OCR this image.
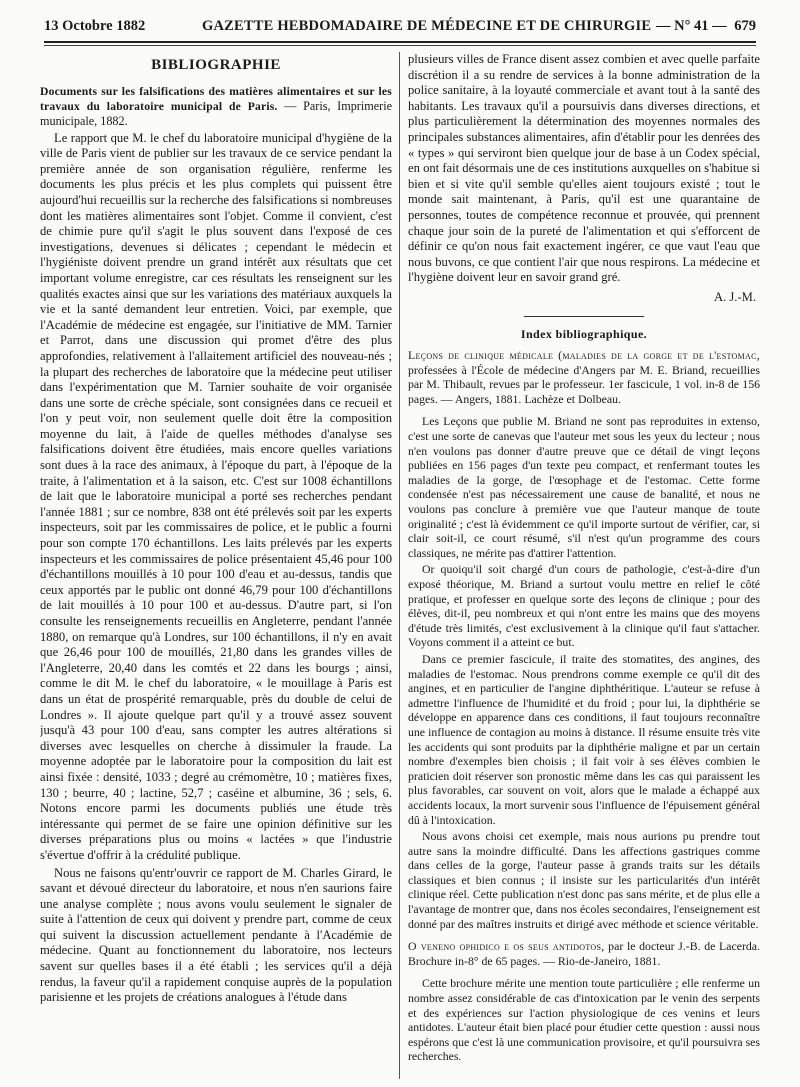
13 Octobre 1882	GAZETTE HEBDOMADAIRE DE MÉDECINE ET DE CHIRURGIE — N° 41 — 679
BIBLIOGRAPHIE

Documents sur les falsifications des matières alimentaires et sur les travaux du laboratoire municipal de Paris. — Paris, Imprimerie municipale, 1882.

Le rapport que M. le chef du laboratoire municipal d'hygiène de la ville de Paris vient de publier sur les travaux de ce service pendant la première année de son organisation régulière, renferme les documents les plus précis et les plus complets qui puissent être aujourd'hui recueillis sur la recherche des falsifications si nombreuses dont les matières alimentaires sont l'objet. Comme il convient, c'est de chimie pure qu'il s'agit le plus souvent dans l'exposé de ces investigations, devenues si délicates ; cependant le médecin et l'hygiéniste doivent prendre un grand intérêt aux résultats que cet important volume enregistre, car ces résultats les renseignent sur les qualités exactes ainsi que sur les variations des matériaux auxquels la vie et la santé demandent leur entretien. Voici, par exemple, que l'Académie de médecine est engagée, sur l'initiative de MM. Tarnier et Parrot, dans une discussion qui promet d'être des plus approfondies, relativement à l'allaitement artificiel des nouveau-nés ; la plupart des recherches de laboratoire que la médecine peut utiliser dans l'expérimentation que M. Tarnier souhaite de voir organisée dans une sorte de crèche spéciale, sont consignées dans ce recueil et l'on y peut voir, non seulement quelle doit être la composition moyenne du lait, à l'aide de quelles méthodes d'analyse ses falsifications doivent être étudiées, mais encore quelles variations sont dues à la race des animaux, à l'époque du part, à l'époque de la traite, à l'alimentation et à la saison, etc. C'est sur 1008 échantillons de lait que le laboratoire municipal a porté ses recherches pendant l'année 1881 ; sur ce nombre, 838 ont été prélevés soit par les experts inspecteurs, soit par les commissaires de police, et le public a fourni pour son compte 170 échantillons. Les laits prélevés par les experts inspecteurs et les commissaires de police présentaient 45,46 pour 100 d'échantillons mouillés à 10 pour 100 d'eau et au-dessus, tandis que ceux apportés par le public ont donné 46,79 pour 100 d'échantillons de lait mouillés à 10 pour 100 et au-dessus. D'autre part, si l'on consulte les renseignements recueillis en Angleterre, pendant l'année 1880, on remarque qu'à Londres, sur 100 échantillons, il n'y en avait que 26,46 pour 100 de mouillés, 21,80 dans les grandes villes de l'Angleterre, 20,40 dans les comtés et 22 dans les bourgs ; ainsi, comme le dit M. le chef du laboratoire, « le mouillage à Paris est dans un état de prospérité remarquable, près du double de celui de Londres ». Il ajoute quelque part qu'il y a trouvé assez souvent jusqu'à 43 pour 100 d'eau, sans compter les autres altérations si diverses avec lesquelles on cherche à dissimuler la fraude. La moyenne adoptée par le laboratoire pour la composition du lait est ainsi fixée : densité, 1033 ; degré au crémomètre, 10 ; matières fixes, 130 ; beurre, 40 ; lactine, 52,7 ; caséine et albumine, 36 ; sels, 6. Notons encore parmi les documents publiés une étude très intéressante qui permet de se faire une opinion définitive sur les diverses préparations plus ou moins « lactées » que l'industrie s'évertue d'offrir à la crédulité publique.

Nous ne faisons qu'entr'ouvrir ce rapport de M. Charles Girard, le savant et dévoué directeur du laboratoire, et nous n'en saurions faire une analyse complète ; nous avons voulu seulement le signaler de suite à l'attention de ceux qui doivent y prendre part, comme de ceux qui suivent la discussion actuellement pendante à l'Académie de médecine. Quant au fonctionnement du laboratoire, nos lecteurs savent sur quelles bases il a été établi ; les services qu'il a déjà rendus, la faveur qu'il a rapidement conquise auprès de la population parisienne et les projets de créations analogues à l'étude dans

plusieurs villes de France disent assez combien et avec quelle parfaite discrétion il a su rendre de services à la bonne administration de la police sanitaire, à la loyauté commerciale et avant tout à la santé des habitants. Les travaux qu'il a poursuivis dans diverses directions, et plus particulièrement la détermination des moyennes normales des principales substances alimentaires, afin d'établir pour les denrées des « types » qui serviront bien quelque jour de base à un Codex spécial, en ont fait désormais une de ces institutions auxquelles on s'habitue si bien et si vite qu'il semble qu'elles aient toujours existé ; tout le monde sait maintenant, à Paris, qu'il est une quarantaine de personnes, toutes de compétence reconnue et prouvée, qui prennent chaque jour soin de la pureté de l'alimentation et qui s'efforcent de définir ce qu'on nous fait exactement ingérer, ce que vaut l'eau que nous buvons, ce que contient l'air que nous respirons. La médecine et l'hygiène doivent leur en savoir grand gré.

A. J.-M.
Index bibliographique.

Leçons de clinique médicale (maladies de la gorge et de l'estomac, professées à l'École de médecine d'Angers par M. E. Briand, recueillies par M. Thibault, revues par le professeur. 1er fascicule, 1 vol. in-8 de 156 pages. — Angers, 1881. Lachèze et Dolbeau.

Les Leçons que publie M. Briand ne sont pas reproduites in extenso, c'est une sorte de canevas que l'auteur met sous les yeux du lecteur ; nous n'en voulons pas donner d'autre preuve que ce détail de vingt leçons publiées en 156 pages d'un texte peu compact, et renfermant toutes les maladies de la gorge, de l'œsophage et de l'estomac. Cette forme condensée n'est pas nécessairement une cause de banalité, et nous ne voulons pas conclure à première vue que l'auteur manque de toute originalité ; c'est là évidemment ce qu'il importe surtout de vérifier, car, si clair soit-il, ce court résumé, s'il n'est qu'un programme des cours classiques, ne mérite pas d'attirer l'attention.

Or quoiqu'il soit chargé d'un cours de pathologie, c'est-à-dire d'un exposé théorique, M. Briand a surtout voulu mettre en relief le côté pratique, et professer en quelque sorte des leçons de clinique ; pour des élèves, dit-il, peu nombreux et qui n'ont entre les mains que des moyens d'étude très limités, c'est exclusivement à la clinique qu'il faut s'attacher. Voyons comment il a atteint ce but.

Dans ce premier fascicule, il traite des stomatites, des angines, des maladies de l'estomac. Nous prendrons comme exemple ce qu'il dit des angines, et en particulier de l'angine diphthéritique. L'auteur se refuse à admettre l'influence de l'humidité et du froid ; pour lui, la diphthérie se développe en apparence dans ces conditions, il faut toujours reconnaître une influence de contagion au moins à distance. Il résume ensuite très vite les accidents qui sont produits par la diphthérie maligne et par un certain nombre d'exemples bien choisis ; il fait voir à ses élèves combien le praticien doit réserver son pronostic même dans les cas qui paraissent les plus favorables, car souvent on voit, alors que le malade a échappé aux accidents locaux, la mort survenir sous l'influence de l'épuisement général dû à l'intoxication.

Nous avons choisi cet exemple, mais nous aurions pu prendre tout autre sans la moindre difficulté. Dans les affections gastriques comme dans celles de la gorge, l'auteur passe à grands traits sur les détails classiques et bien connus ; il insiste sur les particularités d'un intérêt clinique réel. Cette publication n'est donc pas sans mérite, et de plus elle a l'avantage de montrer que, dans nos écoles secondaires, l'enseignement est donné par des maîtres instruits et dirigé avec méthode et science véritable.

O veneno ophidico e os seus antidotos, par le docteur J.-B. de Lacerda. Brochure in-8° de 65 pages. — Rio-de-Janeiro, 1881.

Cette brochure mérite une mention toute particulière ; elle renferme un nombre assez considérable de cas d'intoxication par le venin des serpents et des expériences sur l'action physiologique de ces venins et leurs antidotes. L'auteur était bien placé pour étudier cette question : aussi nous espérons que c'est là une communication provisoire, et qu'il poursuivra ses recherches.
